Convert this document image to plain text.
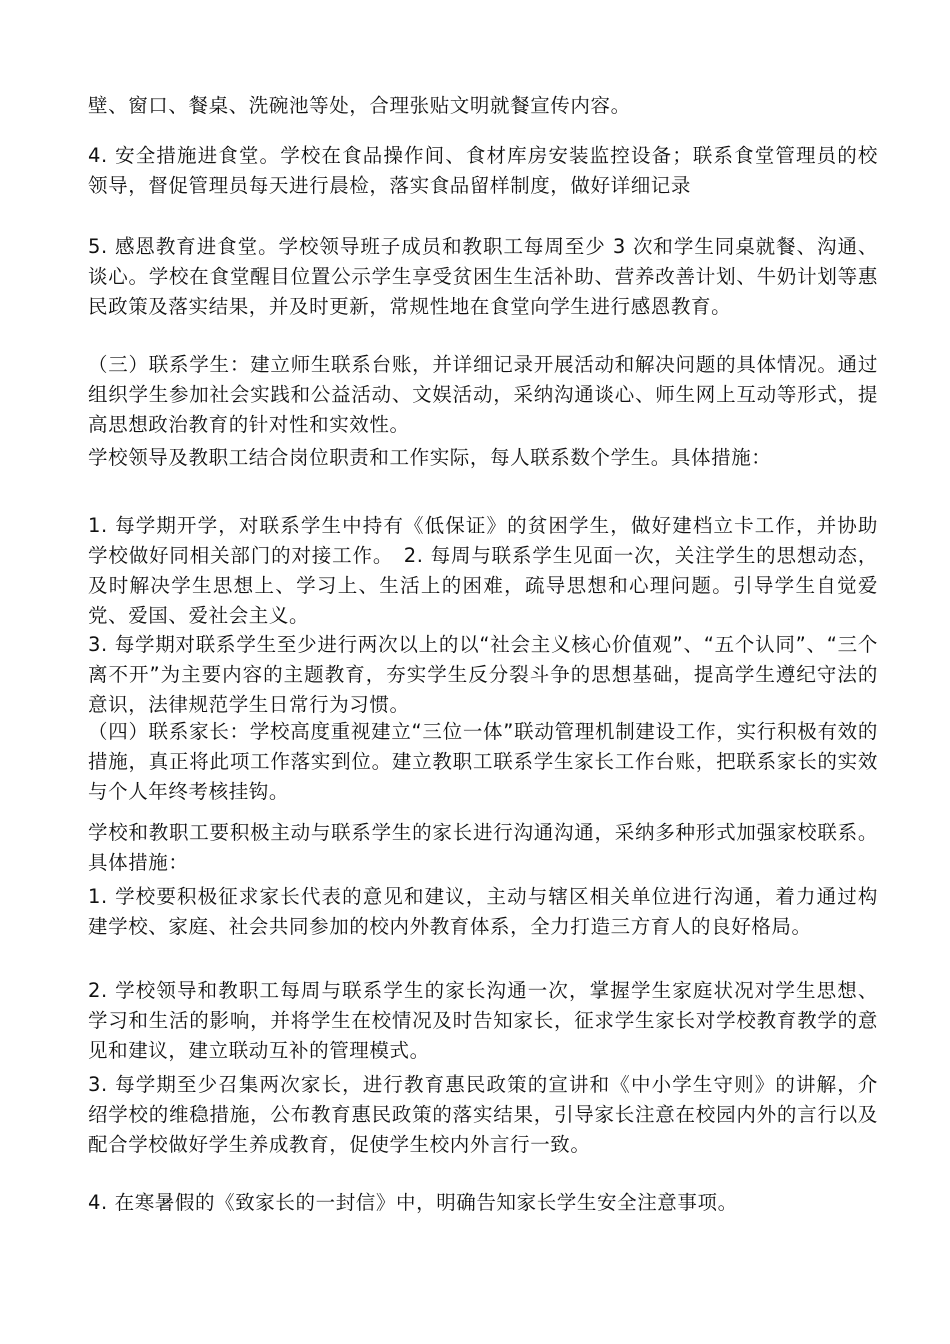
壁、窗口、餐桌、洗碗池等处，合理张贴文明就餐宣传内容。

4. 安全措施进食堂。学校在食品操作间、食材库房安装监控设备；联系食堂管理员的校领导，督促管理员每天进行晨检，落实食品留样制度，做好详细记录

5. 感恩教育进食堂。学校领导班子成员和教职工每周至少 3 次和学生同桌就餐、沟通、谈心。学校在食堂醒目位置公示学生享受贫困生生活补助、营养改善计划、牛奶计划等惠民政策及落实结果，并及时更新，常规性地在食堂向学生进行感恩教育。

（三）联系学生：建立师生联系台账，并详细记录开展活动和解决问题的具体情况。通过组织学生参加社会实践和公益活动、文娱活动，采纳沟通谈心、师生网上互动等形式，提高思想政治教育的针对性和实效性。

学校领导及教职工结合岗位职责和工作实际，每人联系数个学生。具体措施：

1. 每学期开学，对联系学生中持有《低保证》的贫困学生，做好建档立卡工作，并协助学校做好同相关部门的对接工作。　2. 每周与联系学生见面一次，关注学生的思想动态，及时解决学生思想上、学习上、生活上的困难，疏导思想和心理问题。引导学生自觉爱党、爱国、爱社会主义。

3. 每学期对联系学生至少进行两次以上的以“社会主义核心价值观”、“五个认同”、“三个离不开”为主要内容的主题教育，夯实学生反分裂斗争的思想基础，提高学生遵纪守法的意识，法律规范学生日常行为习惯。

（四）联系家长：学校高度重视建立“三位一体”联动管理机制建设工作，实行积极有效的措施，真正将此项工作落实到位。建立教职工联系学生家长工作台账，把联系家长的实效与个人年终考核挂钩。

学校和教职工要积极主动与联系学生的家长进行沟通沟通，采纳多种形式加强家校联系。具体措施：

1. 学校要积极征求家长代表的意见和建议，主动与辖区相关单位进行沟通，着力通过构建学校、家庭、社会共同参加的校内外教育体系，全力打造三方育人的良好格局。

2. 学校领导和教职工每周与联系学生的家长沟通一次，掌握学生家庭状况对学生思想、学习和生活的影响，并将学生在校情况及时告知家长，征求学生家长对学校教育教学的意见和建议，建立联动互补的管理模式。

3. 每学期至少召集两次家长，进行教育惠民政策的宣讲和《中小学生守则》的讲解，介绍学校的维稳措施，公布教育惠民政策的落实结果，引导家长注意在校园内外的言行以及配合学校做好学生养成教育，促使学生校内外言行一致。

4. 在寒暑假的《致家长的一封信》中，明确告知家长学生安全注意事项。
